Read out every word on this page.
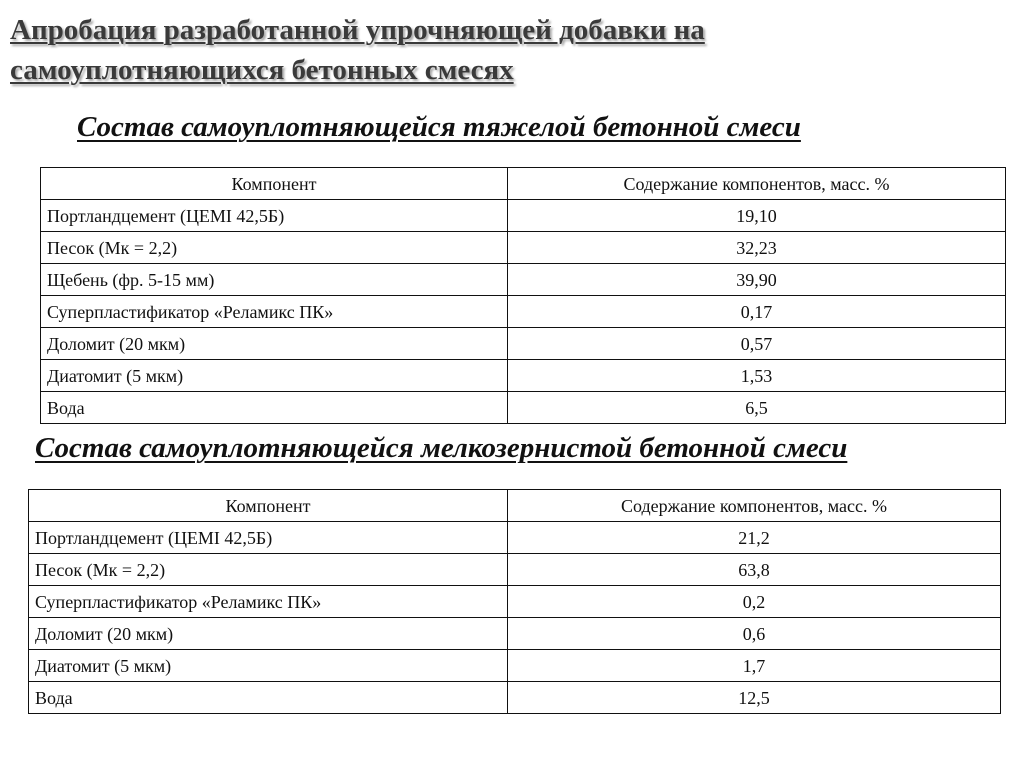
Апробация разработанной упрочняющей добавки на
самоуплотняющихся бетонных смесях
Состав самоуплотняющейся тяжелой бетонной смеси
Компонент	Содержание компонентов, масс. %
Портландцемент (ЦЕМI 42,5Б)	19,10
Песок (Мк = 2,2)	32,23
Щебень (фр. 5-15 мм)	39,90
Суперпластификатор «Реламикс ПК»	0,17
Доломит (20 мкм)	0,57
Диатомит (5 мкм)	1,53
Вода	6,5
Состав самоуплотняющейся мелкозернистой бетонной смеси
Компонент	Содержание компонентов, масс. %
Портландцемент (ЦЕМI 42,5Б)	21,2
Песок (Мк = 2,2)	63,8
Суперпластификатор «Реламикс ПК»	0,2
Доломит (20 мкм)	0,6
Диатомит (5 мкм)	1,7
Вода	12,5
